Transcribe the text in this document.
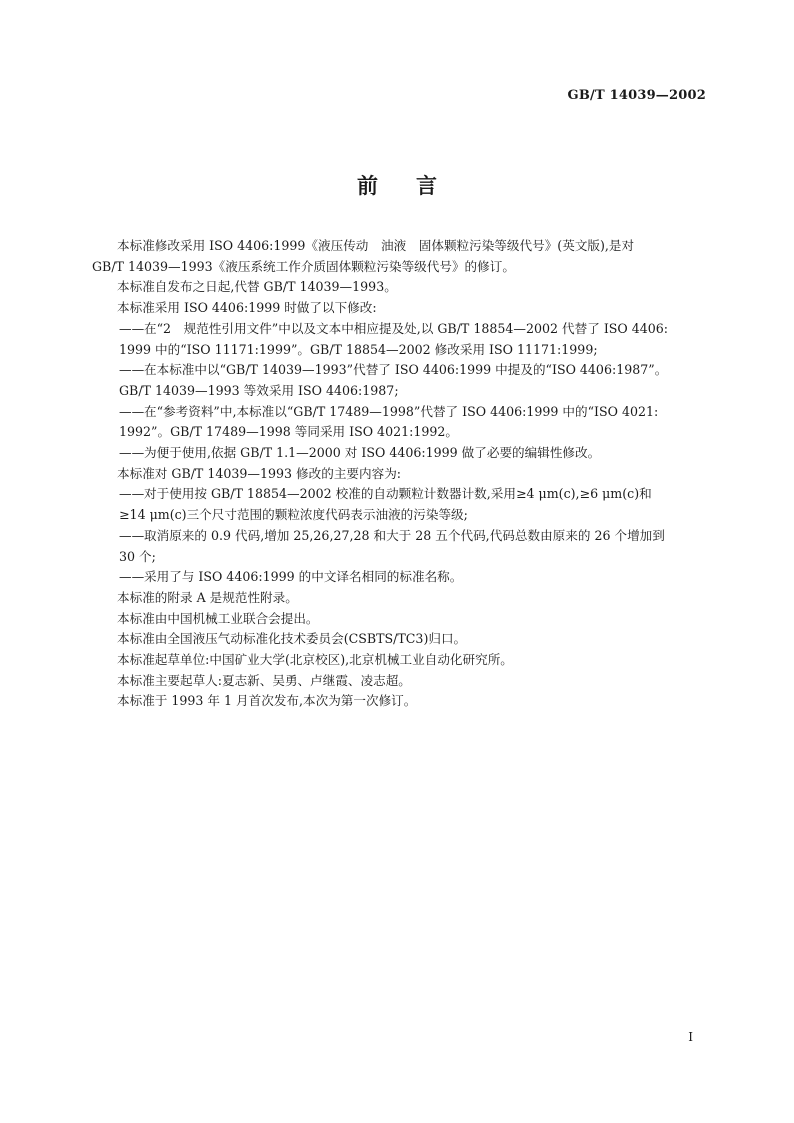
GB/T 14039—2002
前 言

本标准修改采用 ISO 4406:1999《液压传动　油液　固体颗粒污染等级代号》(英文版),是对

GB/T 14039—1993《液压系统工作介质固体颗粒污染等级代号》的修订。

本标准自发布之日起,代替 GB/T 14039—1993。

本标准采用 ISO 4406:1999 时做了以下修改:

——在“2　规范性引用文件”中以及文本中相应提及处,以 GB/T 18854—2002 代替了 ISO 4406:

1999 中的“ISO 11171:1999”。GB/T 18854—2002 修改采用 ISO 11171:1999;

——在本标准中以“GB/T 14039—1993”代替了 ISO 4406:1999 中提及的“ISO 4406:1987”。

GB/T 14039—1993 等效采用 ISO 4406:1987;

——在“参考资料”中,本标准以“GB/T 17489—1998”代替了 ISO 4406:1999 中的“ISO 4021:

1992”。GB/T 17489—1998 等同采用 ISO 4021:1992。

——为便于使用,依据 GB/T 1.1—2000 对 ISO 4406:1999 做了必要的编辑性修改。

本标准对 GB/T 14039—1993 修改的主要内容为:

——对于使用按 GB/T 18854—2002 校准的自动颗粒计数器计数,采用≥4 μm(c),≥6 μm(c)和

≥14 μm(c)三个尺寸范围的颗粒浓度代码表示油液的污染等级;

——取消原来的 0.9 代码,增加 25,26,27,28 和大于 28 五个代码,代码总数由原来的 26 个增加到

30 个;

——采用了与 ISO 4406:1999 的中文译名相同的标准名称。

本标准的附录 A 是规范性附录。

本标准由中国机械工业联合会提出。

本标准由全国液压气动标准化技术委员会(CSBTS/TC3)归口。

本标准起草单位:中国矿业大学(北京校区),北京机械工业自动化研究所。

本标准主要起草人:夏志新、吴勇、卢继霞、凌志超。

本标准于 1993 年 1 月首次发布,本次为第一次修订。

I
